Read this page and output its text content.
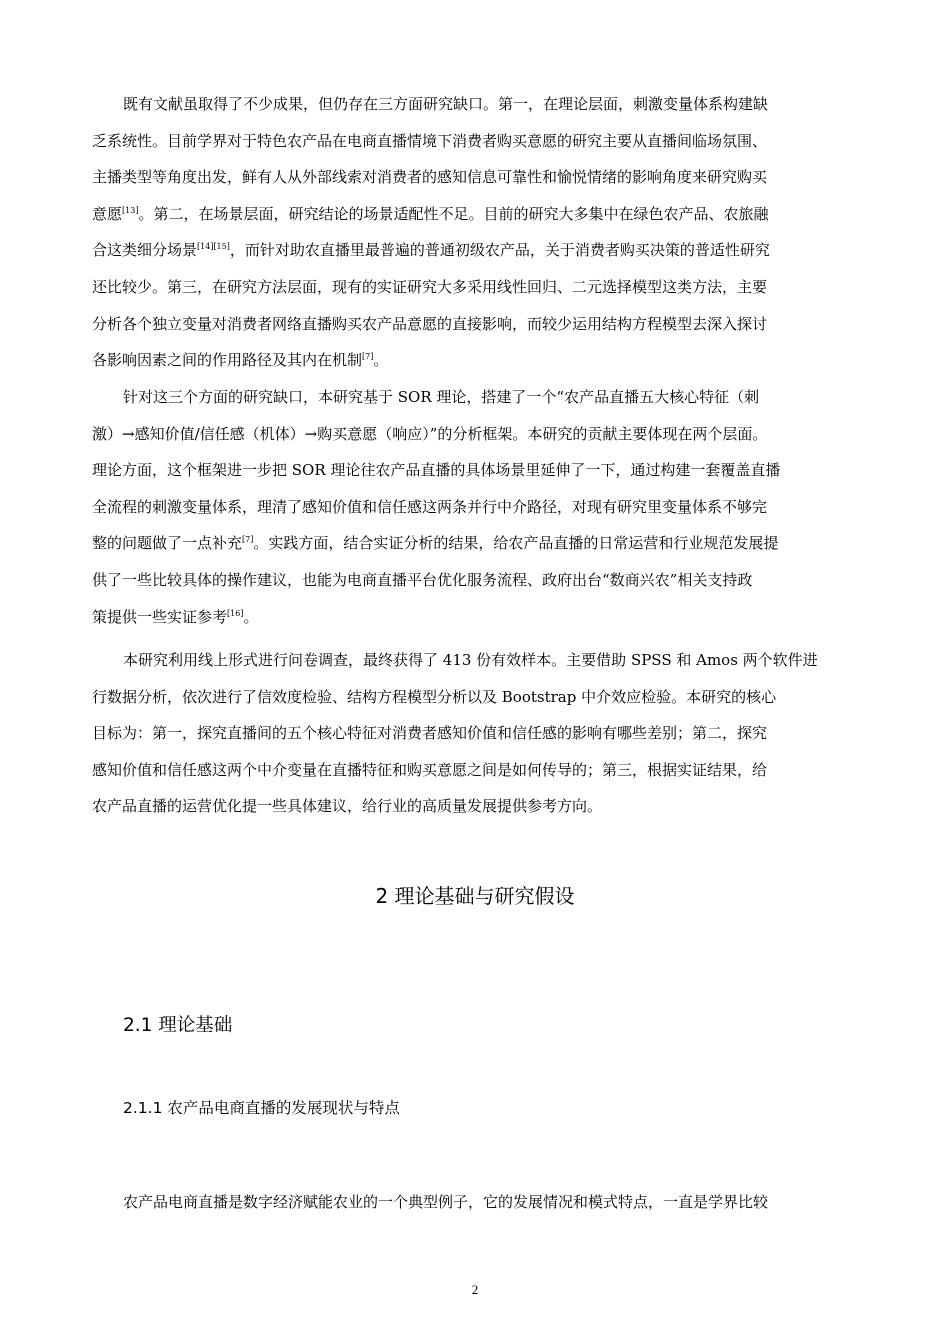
既有文献虽取得了不少成果，但仍存在三方面研究缺口。第一，在理论层面，刺激变量体系构建缺
乏系统性。目前学界对于特色农产品在电商直播情境下消费者购买意愿的研究主要从直播间临场氛围、
主播类型等角度出发，鲜有人从外部线索对消费者的感知信息可靠性和愉悦情绪的影响角度来研究购买
意愿[13]。第二，在场景层面，研究结论的场景适配性不足。目前的研究大多集中在绿色农产品、农旅融
合这类细分场景[14][15]，而针对助农直播里最普遍的普通初级农产品，关于消费者购买决策的普适性研究
还比较少。第三，在研究方法层面，现有的实证研究大多采用线性回归、二元选择模型这类方法，主要
分析各个独立变量对消费者网络直播购买农产品意愿的直接影响，而较少运用结构方程模型去深入探讨
各影响因素之间的作用路径及其内在机制[7]。
针对这三个方面的研究缺口，本研究基于 SOR 理论，搭建了一个“农产品直播五大核心特征（刺
激）→感知价值/信任感（机体）→购买意愿（响应）”的分析框架。本研究的贡献主要体现在两个层面。
理论方面，这个框架进一步把 SOR 理论往农产品直播的具体场景里延伸了一下，通过构建一套覆盖直播
全流程的刺激变量体系，理清了感知价值和信任感这两条并行中介路径，对现有研究里变量体系不够完
整的问题做了一点补充[7]。实践方面，结合实证分析的结果，给农产品直播的日常运营和行业规范发展提
供了一些比较具体的操作建议，也能为电商直播平台优化服务流程、政府出台“数商兴农”相关支持政
策提供一些实证参考[16]。
本研究利用线上形式进行问卷调查，最终获得了 413 份有效样本。主要借助 SPSS 和 Amos 两个软件进
行数据分析，依次进行了信效度检验、结构方程模型分析以及 Bootstrap 中介效应检验。本研究的核心
目标为：第一，探究直播间的五个核心特征对消费者感知价值和信任感的影响有哪些差别；第二，探究
感知价值和信任感这两个中介变量在直播特征和购买意愿之间是如何传导的；第三，根据实证结果，给
农产品直播的运营优化提一些具体建议，给行业的高质量发展提供参考方向。
2 理论基础与研究假设
2.1 理论基础
2.1.1 农产品电商直播的发展现状与特点
农产品电商直播是数字经济赋能农业的一个典型例子，它的发展情况和模式特点，一直是学界比较
2
